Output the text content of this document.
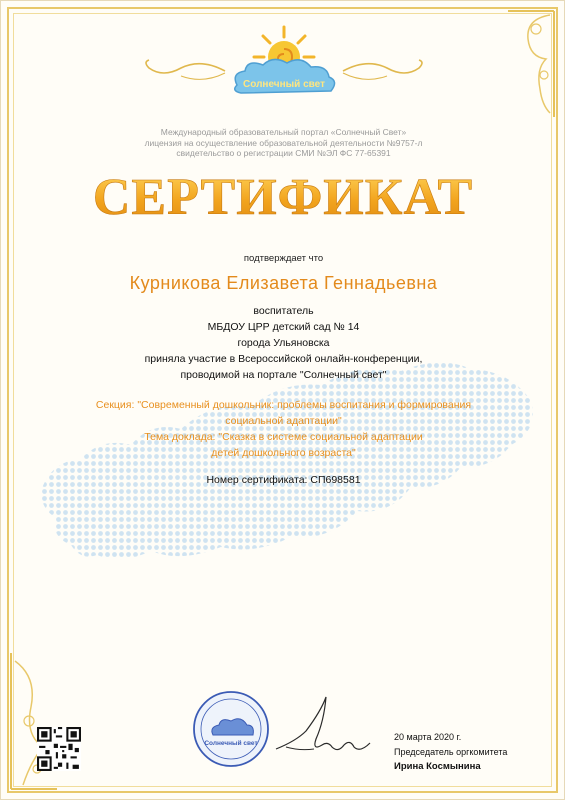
Солнечный свет
Международный образовательный портал «Солнечный Свет»
лицензия на осуществление образовательной деятельности №9757-л
свидетельство о регистрации СМИ №ЭЛ ФС 77-65391
СЕРТИФИКАТ
подтверждает что
Курникова Елизавета Геннадьевна
воспитатель
МБДОУ ЦРР детский сад № 14
города Ульяновска
приняла участие в Всероссийской онлайн-конференции,
проводимой на портале "Солнечный свет"
Секция: "Современный дошкольник: проблемы воспитания и формирования
социальной адаптации"
Тема доклада: "Сказка в системе социальной адаптации
детей дошкольного возраста"
Номер сертификата: СП698581
Солнечный свет
20 марта 2020 г.
Председатель оргкомитета
Ирина Космынина
